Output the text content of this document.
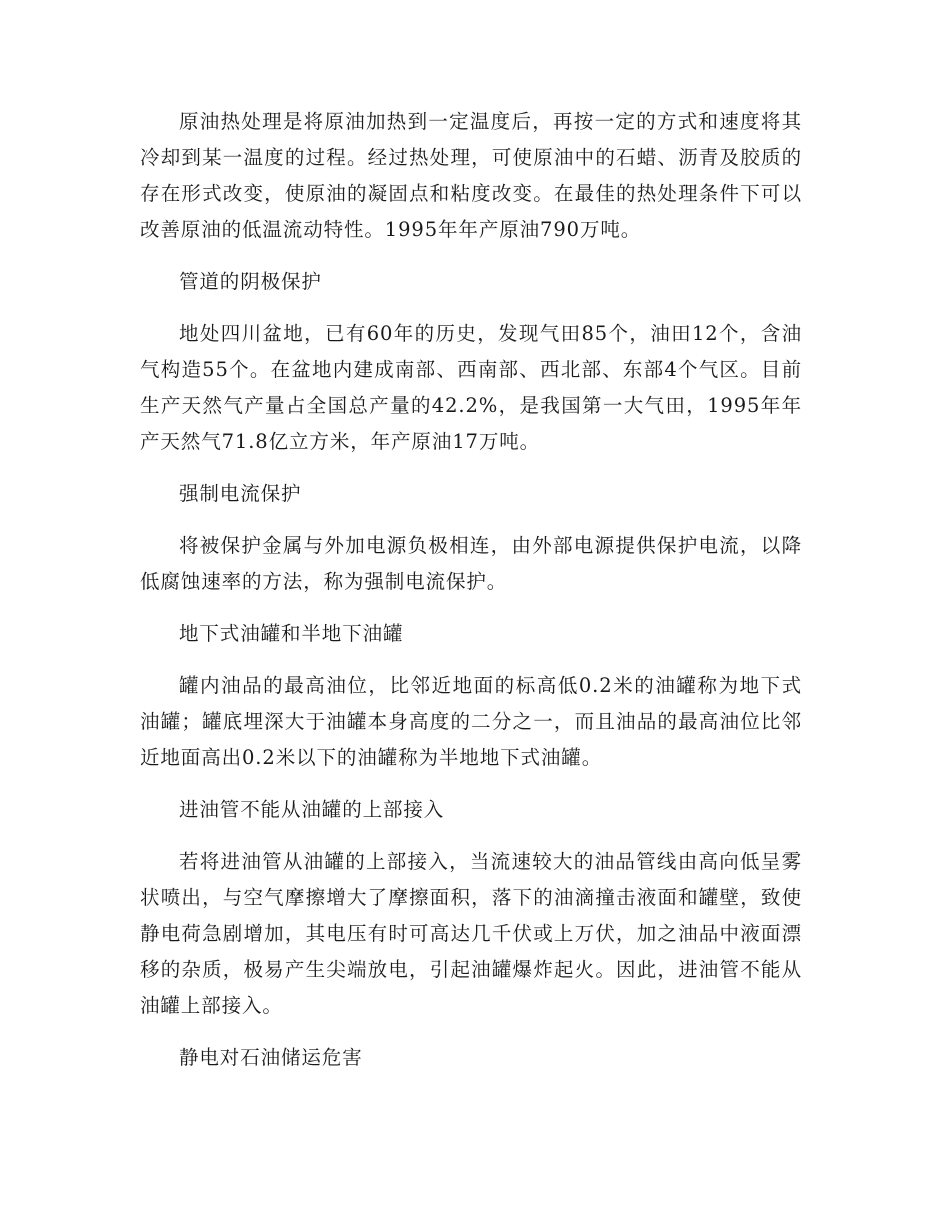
原油热处理是将原油加热到一定温度后，再按一定的方式和速度将其冷却到某一温度的过程。经过热处理，可使原油中的石蜡、沥青及胶质的存在形式改变，使原油的凝固点和粘度改变。在最佳的热处理条件下可以改善原油的低温流动特性。1995年年产原油790万吨。

管道的阴极保护

地处四川盆地，已有60年的历史，发现气田85个，油田12个，含油气构造55个。在盆地内建成南部、西南部、西北部、东部4个气区。目前生产天然气产量占全国总产量的42.2%，是我国第一大气田，1995年年产天然气71.8亿立方米，年产原油17万吨。

强制电流保护

将被保护金属与外加电源负极相连，由外部电源提供保护电流，以降低腐蚀速率的方法，称为强制电流保护。

地下式油罐和半地下油罐

罐内油品的最高油位，比邻近地面的标高低0.2米的油罐称为地下式油罐；罐底埋深大于油罐本身高度的二分之一，而且油品的最高油位比邻近地面高出0.2米以下的油罐称为半地地下式油罐。

进油管不能从油罐的上部接入

若将进油管从油罐的上部接入，当流速较大的油品管线由高向低呈雾状喷出，与空气摩擦增大了摩擦面积，落下的油滴撞击液面和罐壁，致使静电荷急剧增加，其电压有时可高达几千伏或上万伏，加之油品中液面漂移的杂质，极易产生尖端放电，引起油罐爆炸起火。因此，进油管不能从油罐上部接入。

静电对石油储运危害
